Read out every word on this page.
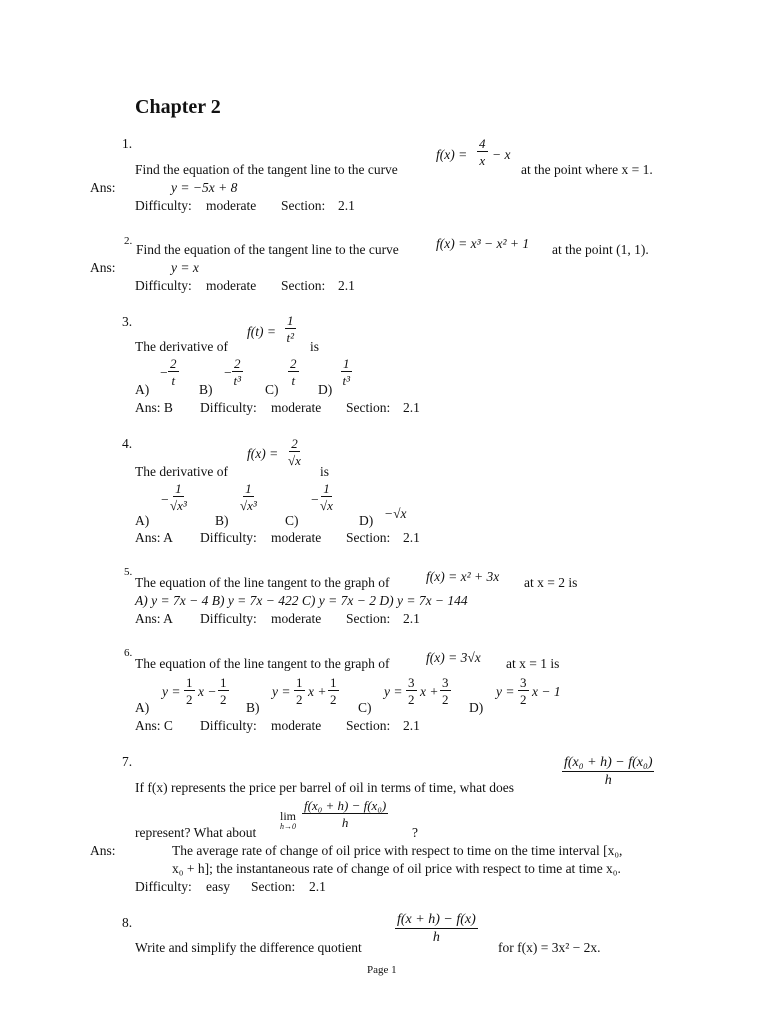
Chapter 2
1.
$f(x) = \frac{4}{x} - x$
Find the equation of the tangent line to the curve	at the point where x = 1.
Ans:	y = −5x + 8
Difficulty: moderate Section: 2.1
2.
Find the equation of the tangent line to the curve	f(x) = x³ − x² + 1 at the point (1, 1).
Ans:	y = x
Difficulty: moderate Section: 2.1
3.
$f(t) = \frac{1}{\text{t²}}$
The derivative of	is
A)
− $\frac{2}{t}$
B)
− $\frac{2}{\text{t³}}$
C)
$\frac{2}{t}$
D)
$\frac{1}{\text{t³}}$
Ans: B Difficulty: moderate Section: 2.1
4.
$f(x) = \frac{2}{√x}$
The derivative of	is
A)
− $\frac{1}{\text{√x³}}$
B)
$\frac{1}{\text{√x³}}$
C)
− $\frac{1}{√x}$
D) −√x
Ans: A Difficulty: moderate Section: 2.1
5.
The equation of the line tangent to the graph of	f(x) = x² + 3x at x = 2 is
A) y = 7x − 4 B) y = 7x − 422 C) y = 7x − 2 D) y = 7x − 144
Ans: A Difficulty: moderate Section: 2.1
6.
The equation of the line tangent to the graph of	f(x) = 3√x at x = 1 is
A)
$y = \frac{1}{2}$ $x - \frac{1}{2}$
B)
$y = \frac{1}{2}$ $x + \frac{1}{2}$
C)
$y = \frac{3}{2}$ $x + \frac{3}{2}$
D)
$y = \frac{3}{2}$ x − 1
Ans: C Difficulty: moderate Section: 2.1
7.	$\frac{\text{f(x₀ + h) − f(x₀)}}{h}$
If f(x) represents the price per barrel of oil in terms of time, what does
lim
$h\to 0 \frac{\text{f(x₀ + h) − f(x₀)}}{h}$
represent? What about	?
Ans:	The average rate of change of oil price with respect to time on the time interval [x₀,
x₀ + h]; the instantaneous rate of change of oil price with respect to time at time x₀.
Difficulty: easy Section: 2.1
8.	$\frac{f(x + h) - f(x)}{h}$
Write and simplify the difference quotient	for f(x) = 3x² − 2x.
Page 1
